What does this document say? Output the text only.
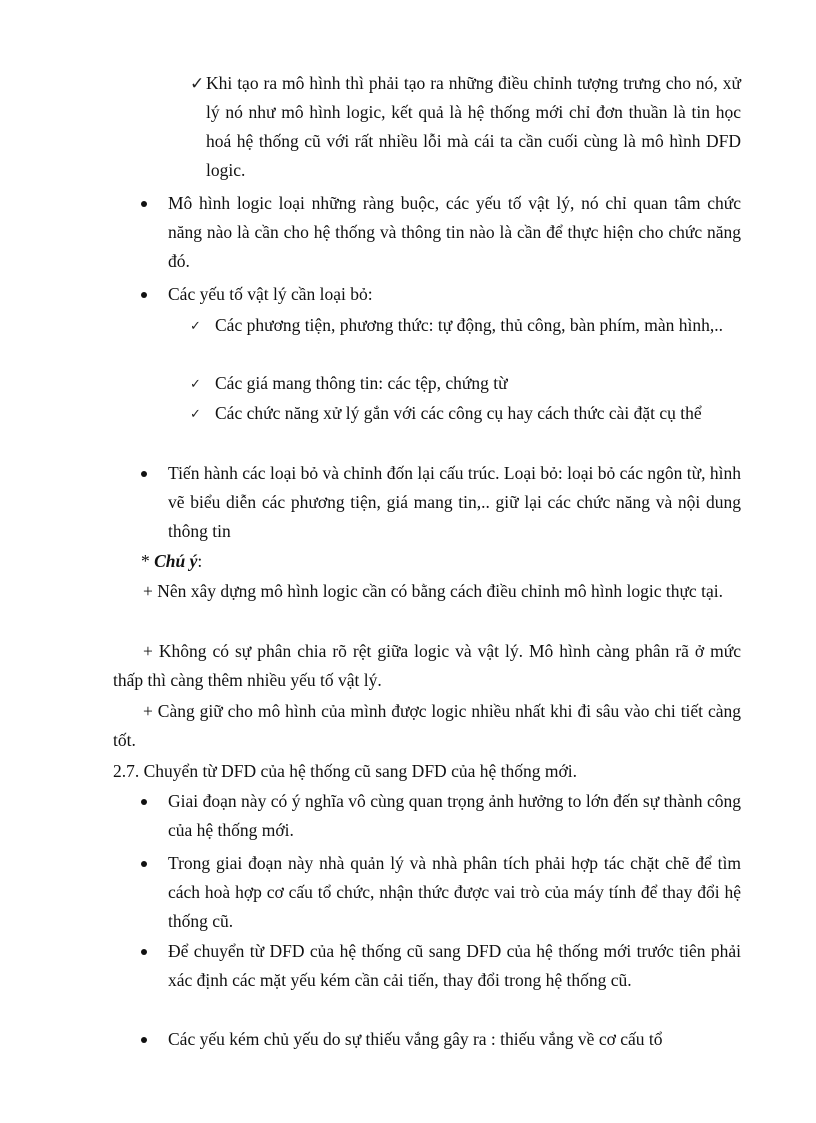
✓ Khi tạo ra mô hình thì phải tạo ra những điều chỉnh tượng trưng cho nó, xử lý nó như mô hình logic, kết quả là hệ thống mới chỉ đơn thuần là tin học hoá hệ thống cũ với rất nhiều lỗi mà cái ta cần cuối cùng là mô hình DFD logic.
Mô hình logic loại những ràng buộc, các yếu tố vật lý, nó chỉ quan tâm chức năng nào là cần cho hệ thống và thông tin nào là cần để thực hiện cho chức năng đó.
Các yếu tố vật lý cần loại bỏ:
✓ Các phương tiện, phương thức: tự động, thủ công, bàn phím, màn hình,..
✓ Các giá mang thông tin: các tệp, chứng từ
✓ Các chức năng xử lý gắn với các công cụ hay cách thức cài đặt cụ thể
Tiến hành các loại bỏ và chỉnh đốn lại cấu trúc. Loại bỏ: loại bỏ các ngôn từ, hình vẽ biểu diễn các phương tiện, giá mang tin,.. giữ lại các chức năng và nội dung thông tin
* Chú ý:
+ Nên xây dựng mô hình logic cần có bằng cách điều chỉnh mô hình logic thực tại.
+ Không có sự phân chia rõ rệt giữa logic và vật lý. Mô hình càng phân rã ở mức thấp thì càng thêm nhiều yếu tố vật lý.
+ Càng giữ cho mô hình của mình được logic nhiều nhất khi đi sâu vào chi tiết càng tốt.
2.7. Chuyển từ DFD của hệ thống cũ sang DFD của hệ thống mới.
Giai đoạn này có ý nghĩa vô cùng quan trọng ảnh hưởng to lớn đến sự thành công của hệ thống mới.
Trong giai đoạn này nhà quản lý và nhà phân tích phải hợp tác chặt chẽ để tìm cách hoà hợp cơ cấu tổ chức, nhận thức được vai trò của máy tính để thay đổi hệ thống cũ.
Để chuyển từ DFD của hệ thống cũ sang DFD của hệ thống mới trước tiên phải xác định các mặt yếu kém cần cải tiến, thay đổi trong hệ thống cũ.
Các yếu kém chủ yếu do sự thiếu vắng gây ra : thiếu vắng về cơ cấu tổ
